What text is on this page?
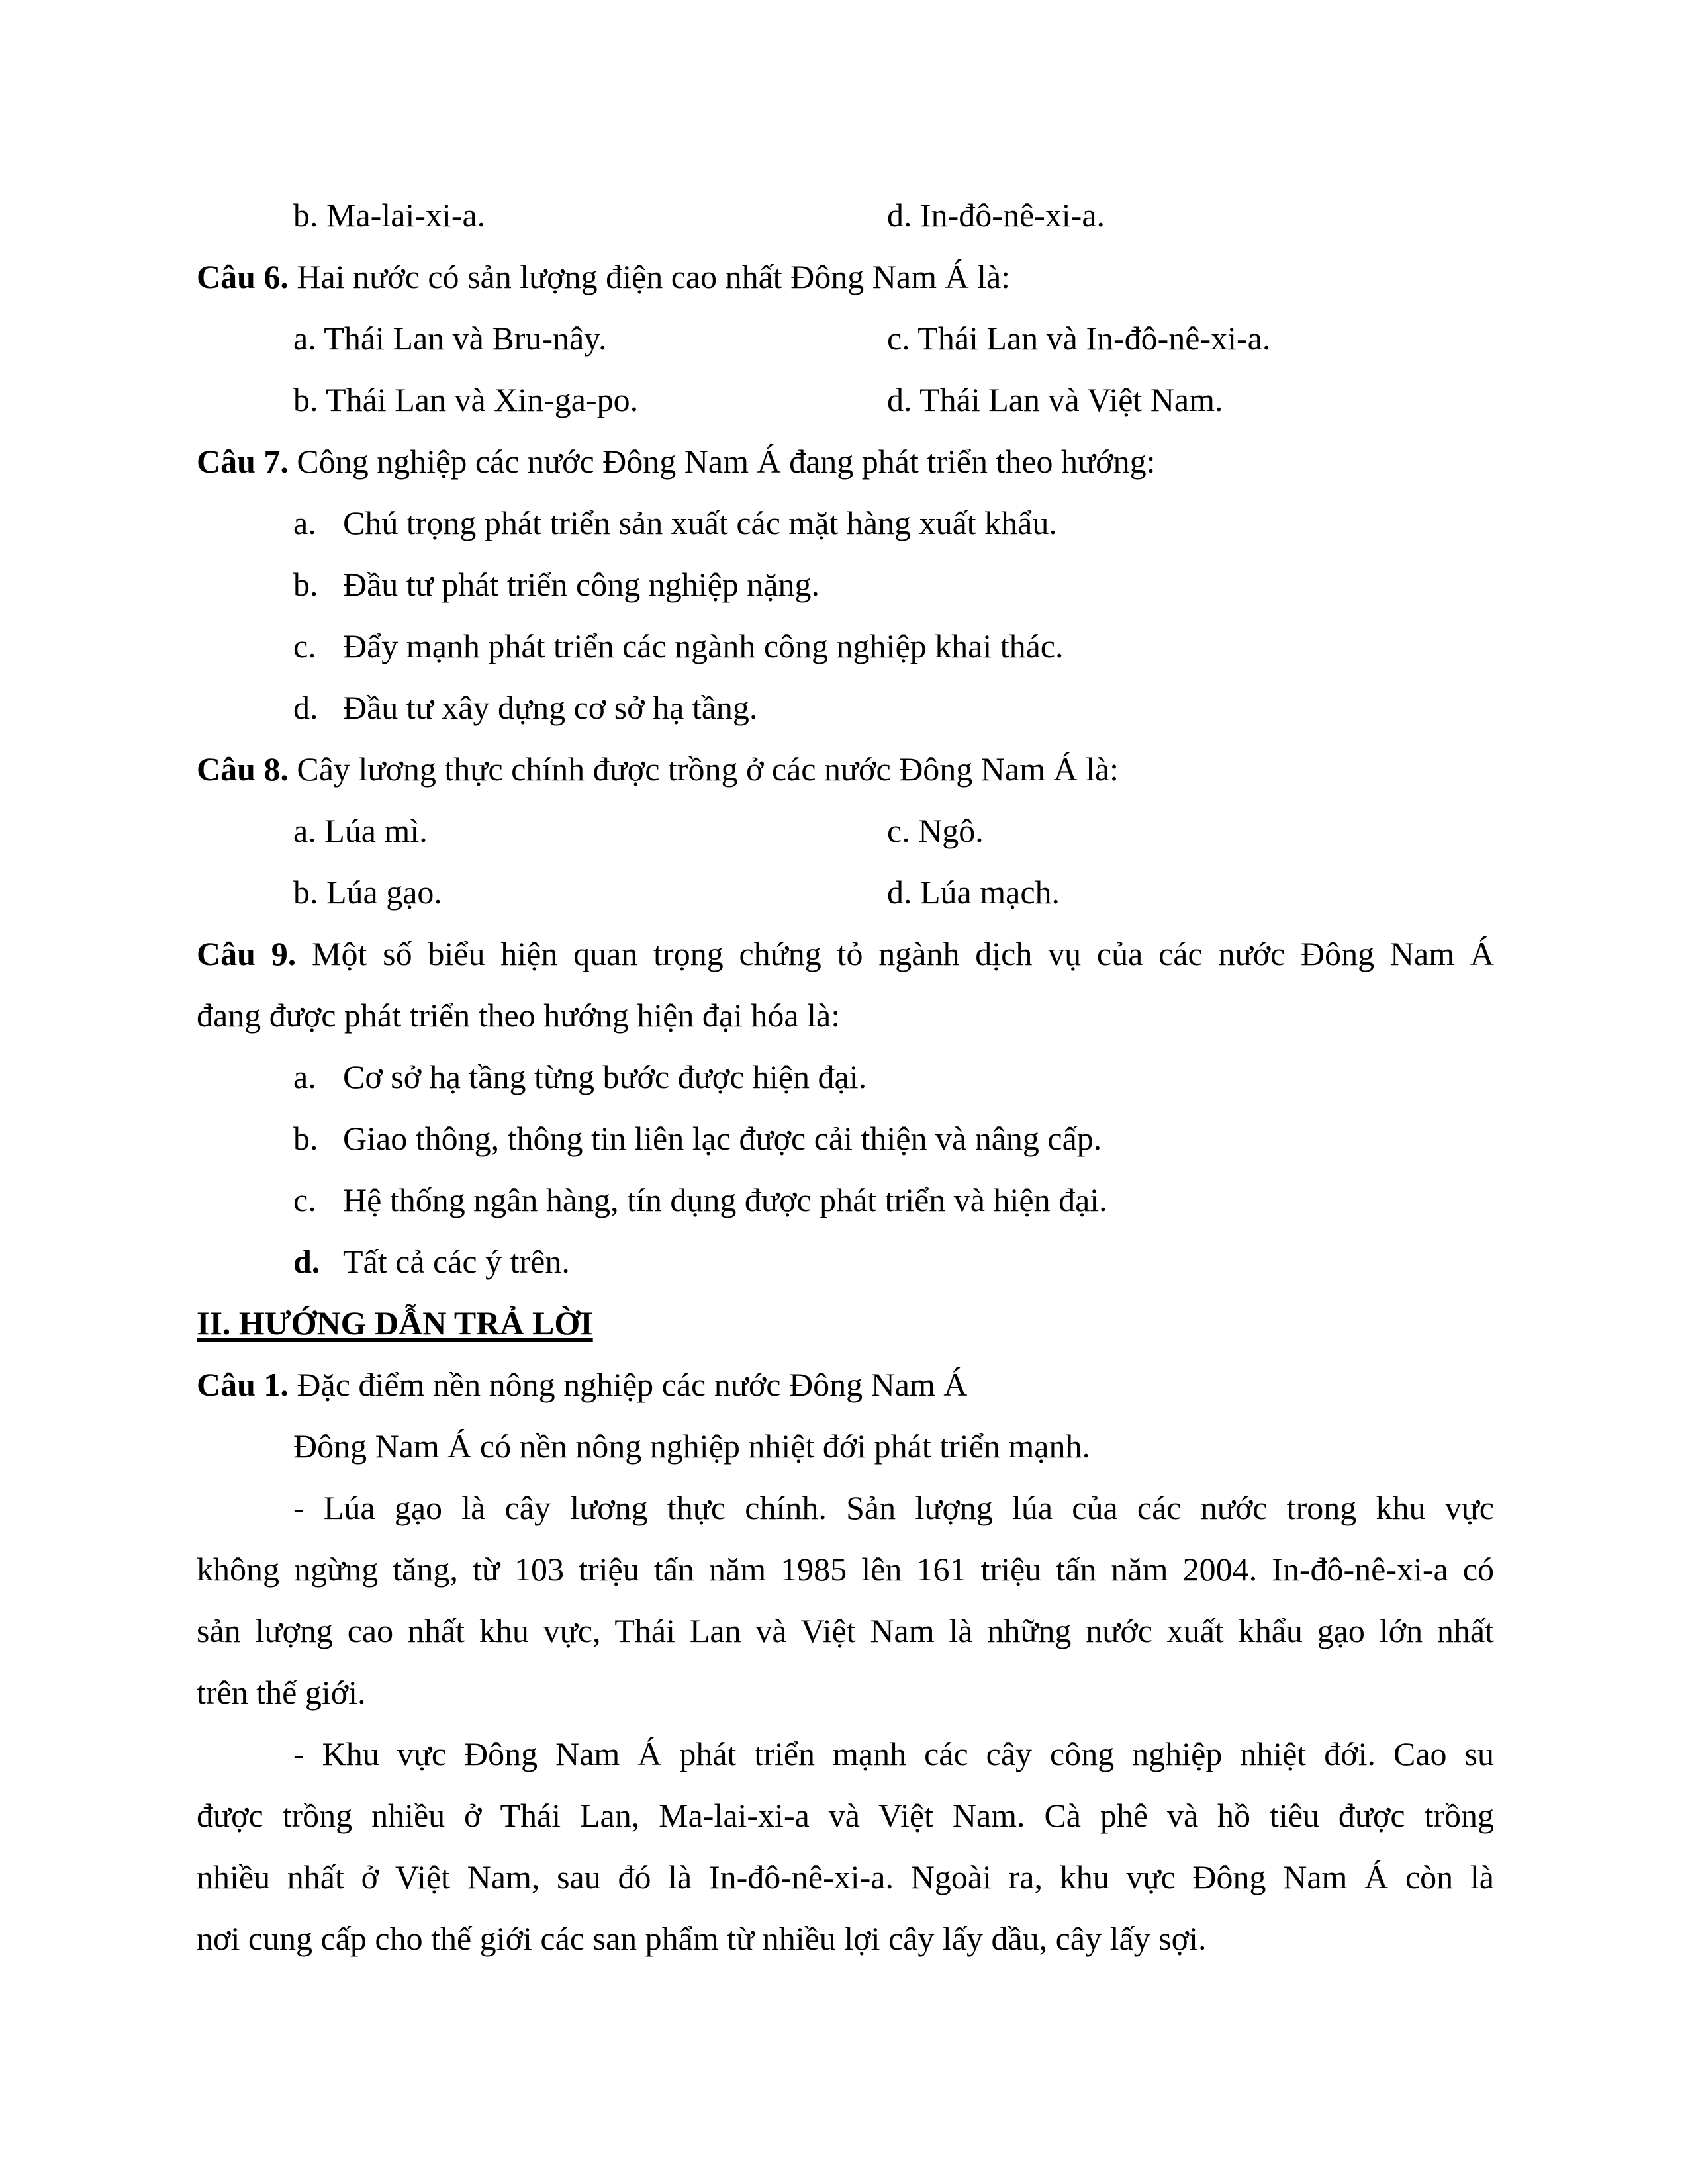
b. Ma-lai-xi-a.	d. In-đô-nê-xi-a.
Câu 6. Hai nước có sản lượng điện cao nhất Đông Nam Á là:
a. Thái Lan và Bru-nây.	c. Thái Lan và In-đô-nê-xi-a.
b. Thái Lan và Xin-ga-po.	d. Thái Lan và Việt Nam.
Câu 7. Công nghiệp các nước Đông Nam Á đang phát triển theo hướng:
a. Chú trọng phát triển sản xuất các mặt hàng xuất khẩu.
b. Đầu tư phát triển công nghiệp nặng.
c. Đẩy mạnh phát triển các ngành công nghiệp khai thác.
d. Đầu tư xây dựng cơ sở hạ tầng.
Câu 8. Cây lương thực chính được trồng ở các nước Đông Nam Á là:
a. Lúa mì.	c. Ngô.
b. Lúa gạo.	d. Lúa mạch.
Câu 9. Một số biểu hiện quan trọng chứng tỏ ngành dịch vụ của các nước Đông Nam Á
đang được phát triển theo hướng hiện đại hóa là:
a. Cơ sở hạ tầng từng bước được hiện đại.
b. Giao thông, thông tin liên lạc được cải thiện và nâng cấp.
c. Hệ thống ngân hàng, tín dụng được phát triển và hiện đại.
d. Tất cả các ý trên.
II. HƯỚNG DẪN TRẢ LỜI
Câu 1. Đặc điểm nền nông nghiệp các nước Đông Nam Á
Đông Nam Á có nền nông nghiệp nhiệt đới phát triển mạnh.
- Lúa gạo là cây lương thực chính. Sản lượng lúa của các nước trong khu vực
không ngừng tăng, từ 103 triệu tấn năm 1985 lên 161 triệu tấn năm 2004. In-đô-nê-xi-a có
sản lượng cao nhất khu vực, Thái Lan và Việt Nam là những nước xuất khẩu gạo lớn nhất
trên thế giới.
- Khu vực Đông Nam Á phát triển mạnh các cây công nghiệp nhiệt đới. Cao su
được trồng nhiều ở Thái Lan, Ma-lai-xi-a và Việt Nam. Cà phê và hồ tiêu được trồng
nhiều nhất ở Việt Nam, sau đó là In-đô-nê-xi-a. Ngoài ra, khu vực Đông Nam Á còn là
nơi cung cấp cho thế giới các san phẩm từ nhiều lợi cây lấy dầu, cây lấy sợi.
